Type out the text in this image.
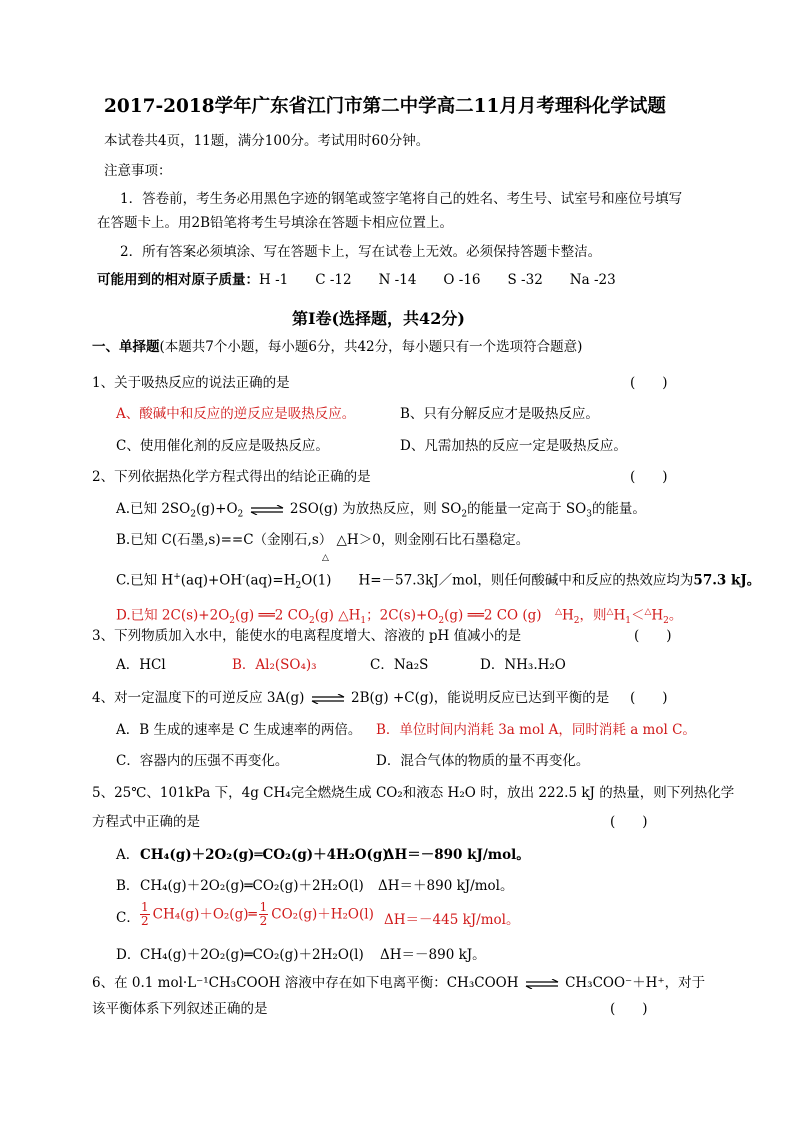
2017-2018学年广东省江门市第二中学高二11月月考理科化学试题
本试卷共4页，11题，满分100分。考试用时60分钟。
注意事项：
1．答卷前，考生务必用黑色字迹的钢笔或签字笔将自己的姓名、考生号、试室号和座位号填写
在答题卡上。用2B铅笔将考生号填涂在答题卡相应位置上。
2．所有答案必须填涂、写在答题卡上，写在试卷上无效。必须保持答题卡整洁。
可能用到的相对原子质量：H -1　　C -12　　N -14　　O -16　　S -32　　Na -23
第Ⅰ卷(选择题，共42分)
一、单择题(本题共7个小题，每小题6分，共42分，每小题只有一个选项符合题意)
1、关于吸热反应的说法正确的是	(　　)
A、酸碱中和反应的逆反应是吸热反应。	B、只有分解反应才是吸热反应。
C、使用催化剂的反应是吸热反应。	D、凡需加热的反应一定是吸热反应。
2、下列依据热化学方程式得出的结论正确的是	(　　)
A.已知 $2SO_2(g)+O_2$ ⇌ 2SO(g) 为放热反应，则 $SO_2$的能量一定高于 $SO_3$的能量。
B.已知 C(石墨,s)==C（金刚石,s） △H＞0，则金刚石比石墨稳定。
△
C.已知 $H^+(aq)+OH^-(aq)=H_2O(1)$　　H=－57.3kJ／mol，则任何酸碱中和反应的热效应均为57.3 kJ。
D.已知 $2C(s)+2O_2(g)$ ══2 $CO_2(g)$ $\triangle H_1$；$2C(s)+O_2(g)$ ══2 CO (g)　$^\triangle H_2$，则$^\triangle H_1<^\triangle H_2$。
3、下列物质加入水中，能使水的电离程度增大、溶液的 pH 值减小的是	(　　)
A．HCl	B．Al₂(SO₄)₃	C．Na₂S	D．NH₃.H₂O
4、对一定温度下的可逆反应 3A(g) ⇌ 2B(g) +C(g)，能说明反应已达到平衡的是 (　　)
A．B 生成的速率是 C 生成速率的两倍。 B．单位时间内消耗 3a mol A，同时消耗 a mol C。
C．容器内的压强不再变化。	D．混合气体的物质的量不再变化。
5、25℃、101kPa 下，4g CH₄完全燃烧生成 CO₂和液态 H₂O 时，放出 222.5 kJ 的热量，则下列热化学
方程式中正确的是	(　　)
A． CH₄(g)＋2O₂(g)═CO₂(g)＋4H₂O(g)
ΔH＝－890 kJ/mol。
B． CH₄(g)＋2O₂(g)═CO₂(g)＋2H₂O(l) ΔH＝＋890 kJ/mol。
C． $\frac{1}{2}$ CH₄(g)＋O₂(g)═ $\frac{1}{2} CO_2(g)+H_2O(l)$ ΔH＝－445 kJ/mol。
D． CH₄(g)＋2O₂(g)═CO₂(g)＋2H₂O(l) ΔH＝－890 kJ。
6、在 0.1 mol·L⁻¹CH₃COOH 溶液中存在如下电离平衡：CH₃COOH ⇌ CH₃COO⁻＋H⁺，对于
该平衡体系下列叙述正确的是	(　　)
